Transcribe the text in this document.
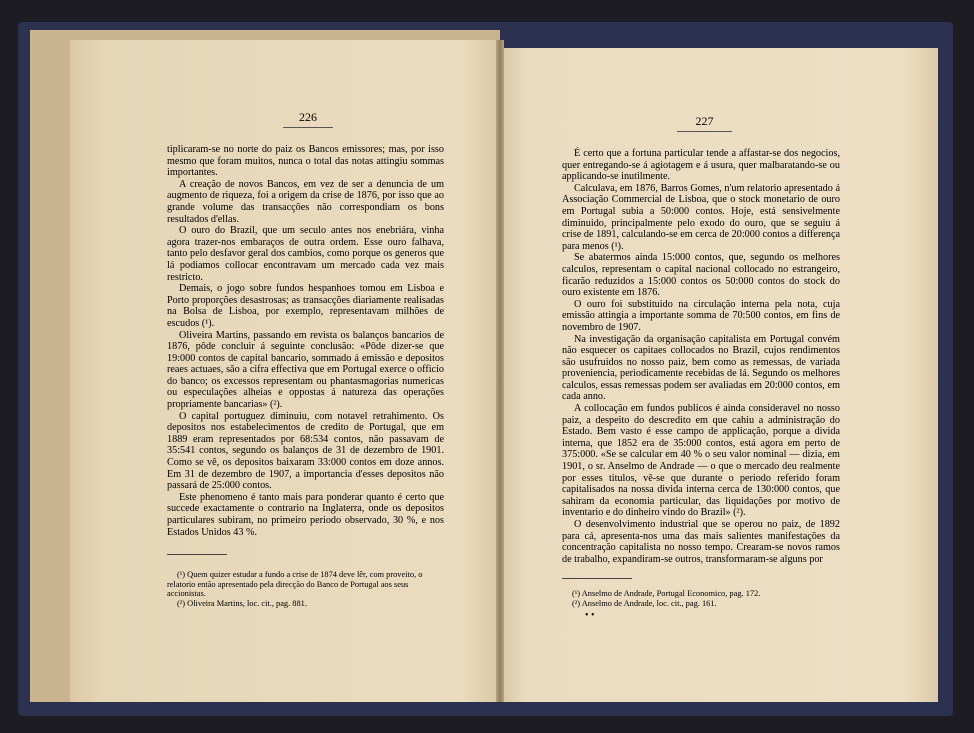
226	227

tiplicaram-se no norte do paiz os Bancos emissores; mas, por isso mesmo que foram muitos, nunca o total das notas attingiu sommas importantes.

A creação de novos Bancos, em vez de ser a denuncia de um augmento de riqueza, foi a origem da crise de 1876, por isso que ao grande volume das transacções não correspondiam os bons resultados d'ellas.

O ouro do Brazil, que um seculo antes nos enebriára, vinha agora trazer-nos embaraços de outra ordem. Esse ouro falhava, tanto pelo desfavor geral dos cambios, como porque os generos que lá podiamos collocar encontravam um mercado cada vez mais restricto.

Demais, o jogo sobre fundos hespanhoes tomou em Lisboa e Porto proporções desastrosas; as transacções diariamente realisadas na Bolsa de Lisboa, por exemplo, representavam milhões de escudos (¹).

Oliveira Martins, passando em revista os balanços bancarios de 1876, pôde concluir á seguinte conclusão: «Pôde dizer-se que 19:000 contos de capital bancario, sommado á emissão e depositos reaes actuaes, são a cifra effectiva que em Portugal exerce o officio do banco; os excessos representam ou phantasmagorias numericas ou especulações alheias e oppostas á natureza das operações propriamente bancarias» (²).

O capital portuguez diminuiu, com notavel retrahimento. Os depositos nos estabelecimentos de credito de Portugal, que em 1889 eram representados por 68:534 contos, não passavam de 35:541 contos, segundo os balanços de 31 de dezembro de 1901. Como se vê, os depositos baixaram 33:000 contos em doze annos. Em 31 de dezembro de 1907, a importancia d'esses depositos não passará de 25:000 contos.

Este phenomeno é tanto mais para ponderar quanto é certo que succede exactamente o contrario na Inglaterra, onde os depositos particulares subiram, no primeiro periodo observado, 30 %, e nos Estados Unidos 43 %.

(¹) Quem quizer estudar a fundo a crise de 1874 deve lêr, com proveito, o relatorio então apresentado pela direcção do Banco de Portugal aos seus accionistas.

(²) Oliveira Martins, loc. cit., pag. 881.

É certo que a fortuna particular tende a affastar-se dos negocios, quer entregando-se á agiotagem e á usura, quer malbaratando-se ou applicando-se inutilmente.

Calculava, em 1876, Barros Gomes, n'um relatorio apresentado á Associação Commercial de Lisboa, que o stock monetario de ouro em Portugal subia a 50:000 contos. Hoje, está sensivelmente diminuido, principalmente pelo exodo do ouro, que se seguiu á crise de 1891, calculando-se em cerca de 20:000 contos a differença para menos (¹).

Se abatermos ainda 15:000 contos, que, segundo os melhores calculos, representam o capital nacional collocado no estrangeiro, ficarão reduzidos a 15:000 contos os 50:000 contos do stock do ouro existente em 1876.

O ouro foi substituido na circulação interna pela nota, cuja emissão attingia a importante somma de 70:500 contos, em fins de novembro de 1907.

Na investigação da organisação capitalista em Portugal convém não esquecer os capitaes collocados no Brazil, cujos rendimentos são usufruidos no nosso paiz, bem como as remessas, de variada proveniencia, periodicamente recebidas de lá. Segundo os melhores calculos, essas remessas podem ser avaliadas em 20:000 contos, em cada anno.

A collocação em fundos publicos é ainda consideravel no nosso paiz, a despeito do descredito em que cahiu a administração do Estado. Bem vasto é esse campo de applicação, porque a divida interna, que 1852 era de 35:000 contos, está agora em perto de 375:000. «Se se calcular em 40 % o seu valor nominal — dizia, em 1901, o sr. Anselmo de Andrade — o que o mercado deu realmente por esses titulos, vê-se que durante o periodo referido foram capitalisados na nossa divida interna cerca de 130:000 contos, que sahiram da economia particular, das liquidações por motivo de inventario e do dinheiro vindo do Brazil» (²).

O desenvolvimento industrial que se operou no paiz, de 1892 para cá, apresenta-nos uma das mais salientes manifestações da concentração capitalista no nosso tempo. Crearam-se novos ramos de trabalho, expandiram-se outros, transformaram-se alguns por

(¹) Anselmo de Andrade, Portugal Economico, pag. 172.

(²) Anselmo de Andrade, loc. cit., pag. 161.

• •
